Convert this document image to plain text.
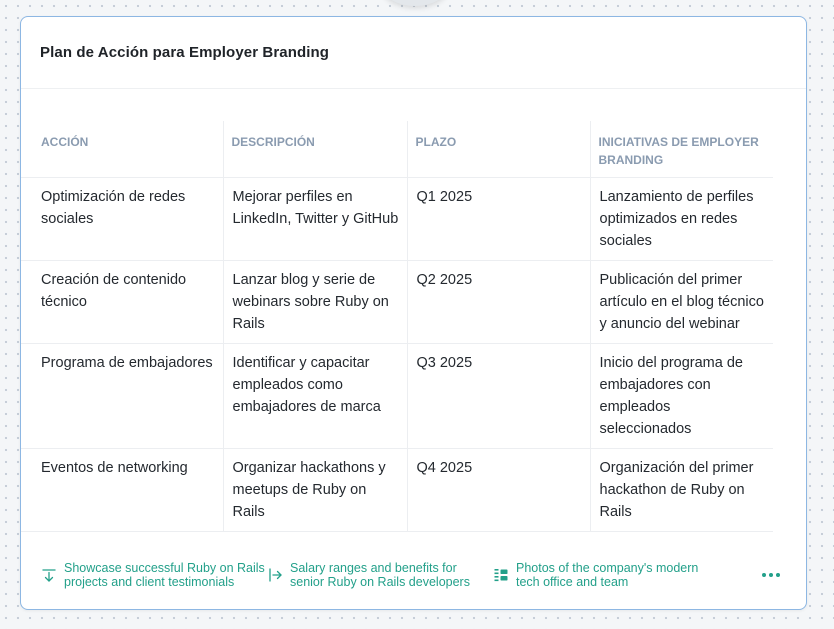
Plan de Acción para Employer Branding
ACCIÓN	DESCRIPCIÓN	PLAZO	INICIATIVAS DE EMPLOYER BRANDING
Optimización de redes sociales	Mejorar perfiles en LinkedIn, Twitter y GitHub	Q1 2025	Lanzamiento de perfiles optimizados en redes sociales
Creación de contenido técnico	Lanzar blog y serie de webinars sobre Ruby on Rails	Q2 2025	Publicación del primer artículo en el blog técnico y anuncio del webinar
Programa de embajadores	Identificar y capacitar empleados como embajadores de marca	Q3 2025	Inicio del programa de embajadores con empleados seleccionados
Eventos de networking	Organizar hackathons y meetups de Ruby on Rails	Q4 2025	Organización del primer hackathon de Ruby on Rails
Showcase successful Ruby on Rails projects and client testimonials
Salary ranges and benefits for senior Ruby on Rails developers
Photos of the company's modern tech office and team
